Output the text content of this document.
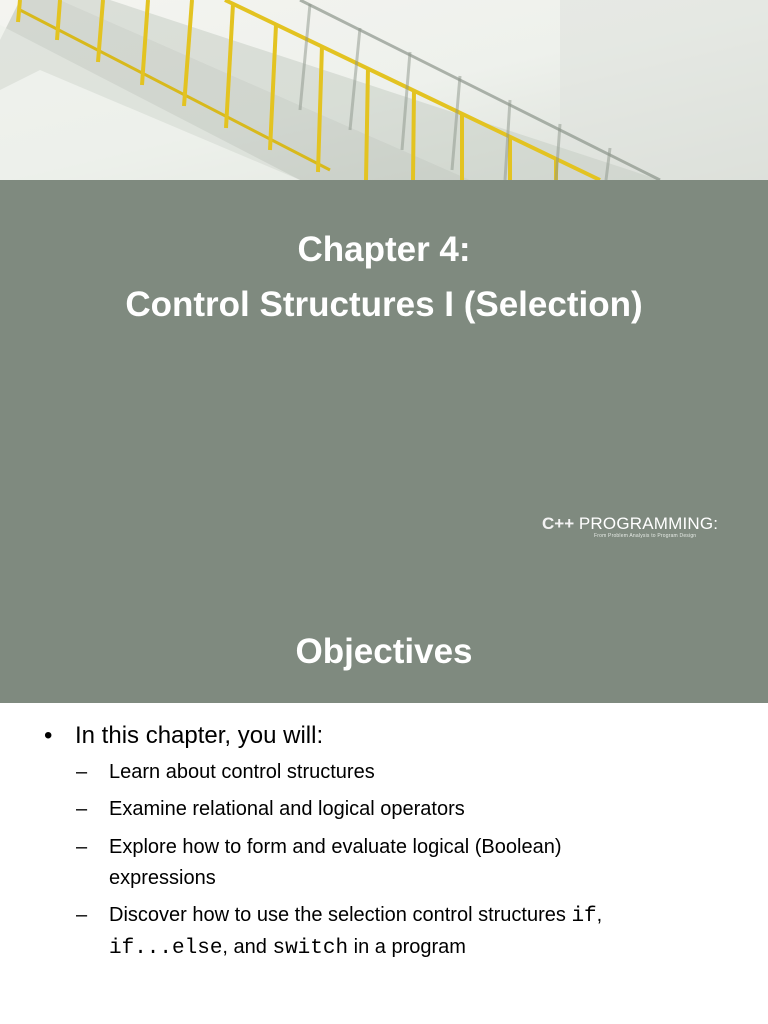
Chapter 4:
Control Structures I (Selection)
C++ PROGRAMMING:
From Problem Analysis to Program Design
Objectives
• In this chapter, you will:
– Learn about control structures
– Examine relational and logical operators
– Explore how to form and evaluate logical (Boolean) expressions
– Discover how to use the selection control structures if, if...else, and switch in a program
